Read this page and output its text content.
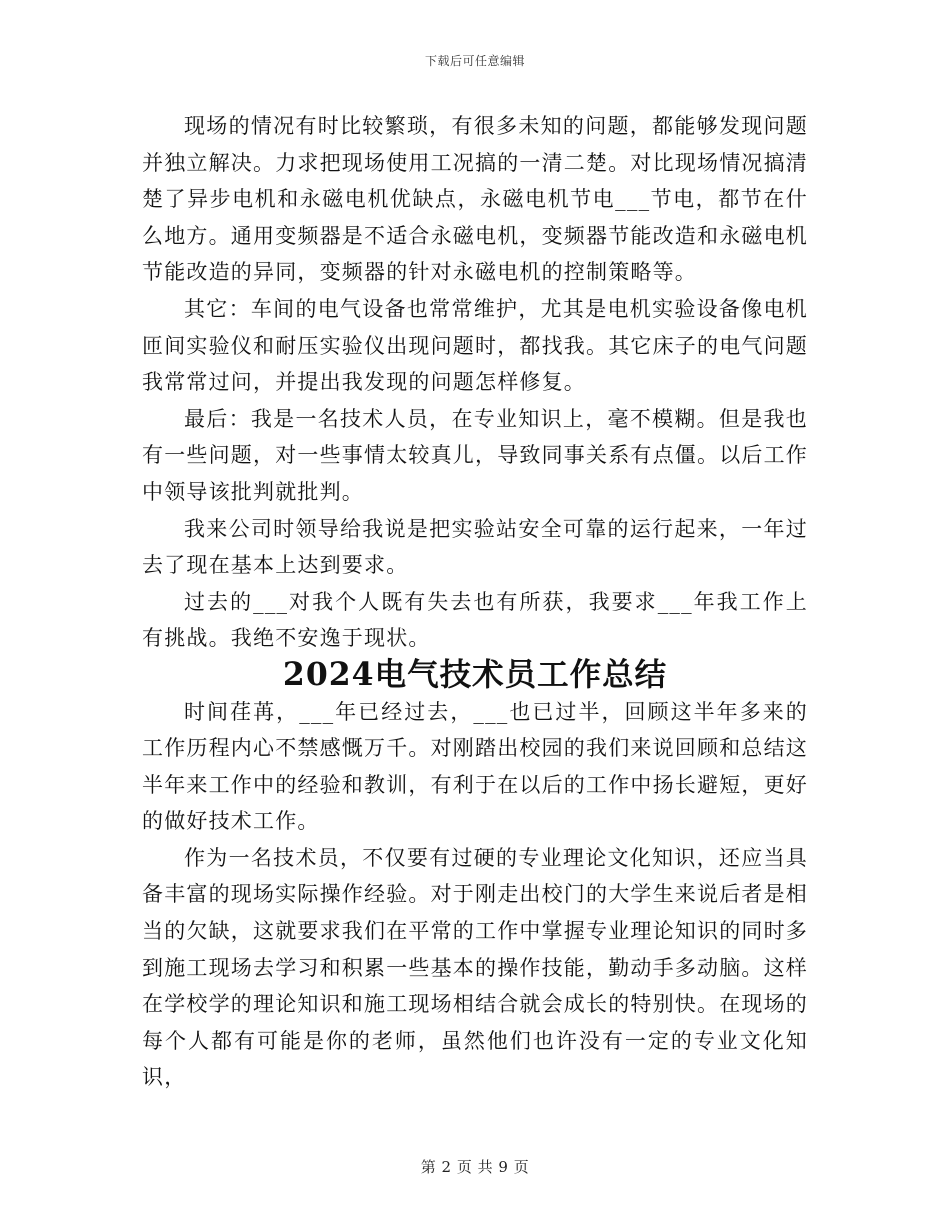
下载后可任意编辑

现场的情况有时比较繁琐，有很多未知的问题，都能够发现问题并独立解决。力求把现场使用工况搞的一清二楚。对比现场情况搞清楚了异步电机和永磁电机优缺点，永磁电机节电___节电，都节在什么地方。通用变频器是不适合永磁电机，变频器节能改造和永磁电机节能改造的异同，变频器的针对永磁电机的控制策略等。

其它：车间的电气设备也常常维护，尤其是电机实验设备像电机匝间实验仪和耐压实验仪出现问题时，都找我。其它床子的电气问题我常常过问，并提出我发现的问题怎样修复。

最后：我是一名技术人员，在专业知识上，毫不模糊。但是我也有一些问题，对一些事情太较真儿，导致同事关系有点僵。以后工作中领导该批判就批判。

我来公司时领导给我说是把实验站安全可靠的运行起来，一年过去了现在基本上达到要求。

过去的___对我个人既有失去也有所获，我要求___年我工作上有挑战。我绝不安逸于现状。

2024电气技术员工作总结

时间荏苒，___年已经过去，___也已过半，回顾这半年多来的工作历程内心不禁感慨万千。对刚踏出校园的我们来说回顾和总结这半年来工作中的经验和教训，有利于在以后的工作中扬长避短，更好的做好技术工作。

作为一名技术员，不仅要有过硬的专业理论文化知识，还应当具备丰富的现场实际操作经验。对于刚走出校门的大学生来说后者是相当的欠缺，这就要求我们在平常的工作中掌握专业理论知识的同时多到施工现场去学习和积累一些基本的操作技能，勤动手多动脑。这样在学校学的理论知识和施工现场相结合就会成长的特别快。在现场的每个人都有可能是你的老师，虽然他们也许没有一定的专业文化知识，

第 2 页 共 9 页
